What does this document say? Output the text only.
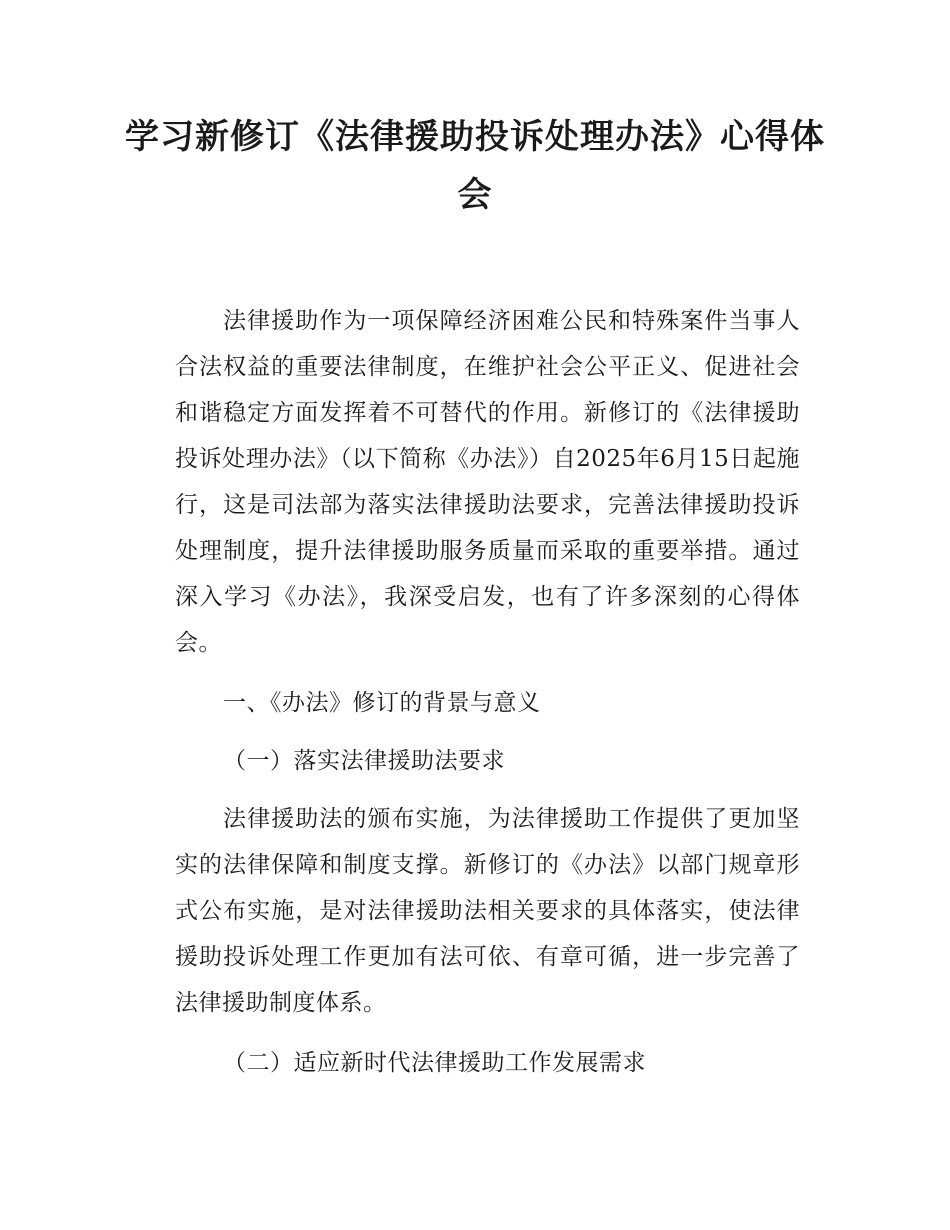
学习新修订《法律援助投诉处理办法》心得体会

法律援助作为一项保障经济困难公民和特殊案件当事人合法权益的重要法律制度，在维护社会公平正义、促进社会和谐稳定方面发挥着不可替代的作用。新修订的《法律援助投诉处理办法》（以下简称《办法》）自2025年6月15日起施行，这是司法部为落实法律援助法要求，完善法律援助投诉处理制度，提升法律援助服务质量而采取的重要举措。通过深入学习《办法》，我深受启发，也有了许多深刻的心得体会。

一、《办法》修订的背景与意义

（一）落实法律援助法要求

法律援助法的颁布实施，为法律援助工作提供了更加坚实的法律保障和制度支撑。新修订的《办法》以部门规章形式公布实施，是对法律援助法相关要求的具体落实，使法律援助投诉处理工作更加有法可依、有章可循，进一步完善了法律援助制度体系。

（二）适应新时代法律援助工作发展需求
